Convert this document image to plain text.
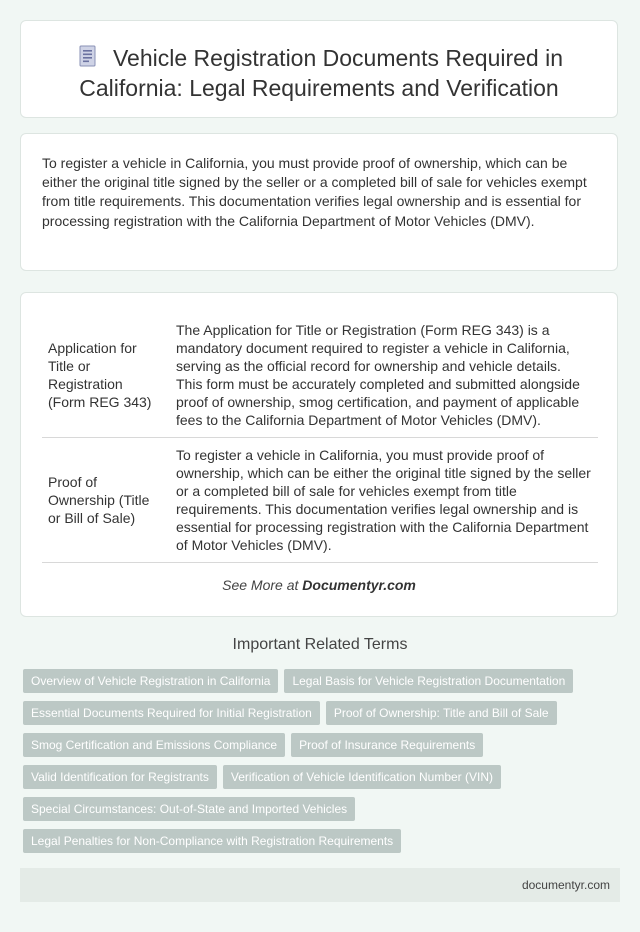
Vehicle Registration Documents Required in California: Legal Requirements and Verification

To register a vehicle in California, you must provide proof of ownership, which can be either the original title signed by the seller or a completed bill of sale for vehicles exempt from title requirements. This documentation verifies legal ownership and is essential for processing registration with the California Department of Motor Vehicles (DMV).

Application for Title or Registration (Form REG 343)	The Application for Title or Registration (Form REG 343) is a mandatory document required to register a vehicle in California, serving as the official record for ownership and vehicle details. This form must be accurately completed and submitted alongside proof of ownership, smog certification, and payment of applicable fees to the California Department of Motor Vehicles (DMV).
Proof of Ownership (Title or Bill of Sale)	To register a vehicle in California, you must provide proof of ownership, which can be either the original title signed by the seller or a completed bill of sale for vehicles exempt from title requirements. This documentation verifies legal ownership and is essential for processing registration with the California Department of Motor Vehicles (DMV).
See More at Documentyr.com
Important Related Terms
Overview of Vehicle Registration in California Legal Basis for Vehicle Registration DocumentationEssential Documents Required for Initial Registration Proof of Ownership: Title and Bill of SaleSmog Certification and Emissions Compliance Proof of Insurance RequirementsValid Identification for Registrants Verification of Vehicle Identification Number (VIN)Special Circumstances: Out-of-State and Imported VehiclesLegal Penalties for Non-Compliance with Registration Requirements
documentyr.com
